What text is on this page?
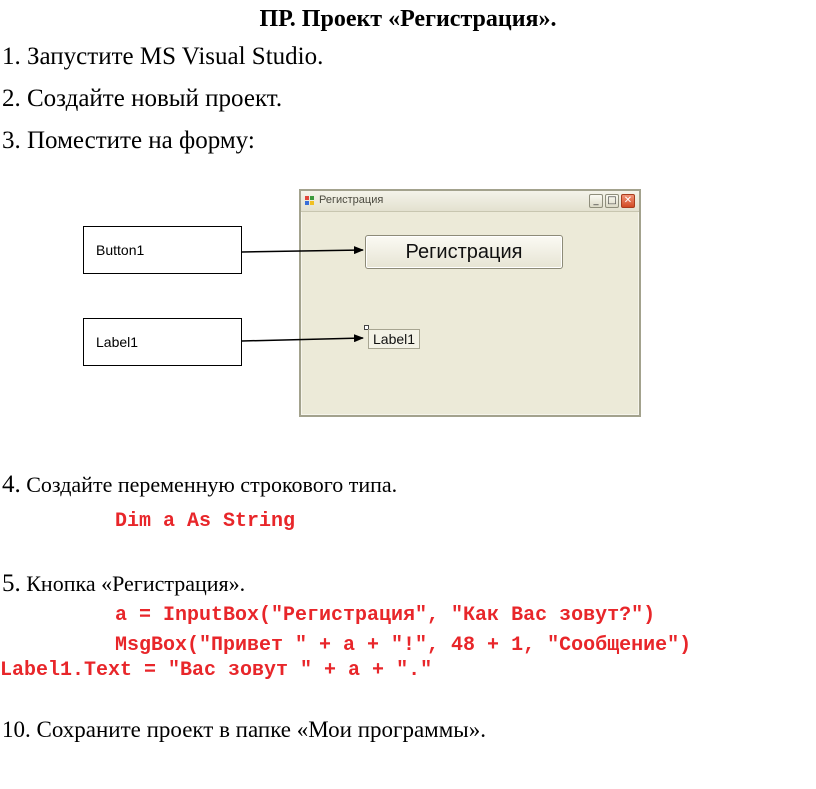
ПР. Проект «Регистрация».
1. Запустите MS Visual Studio.
2. Создайте новый проект.
3. Поместите на форму:
Button1
Label1
Регистрация	_ □ ✕
Регистрация
Label1
4. Создайте переменную строкового типа.
Dim a As String
5. Кнопка «Регистрация».
a = InputBox("Регистрация", "Как Вас зовут?")
MsgBox("Привет " + a + "!", 48 + 1, "Сообщение")
Label1.Text = "Вас зовут " + a + "."
10. Сохраните проект в папке «Мои программы».
